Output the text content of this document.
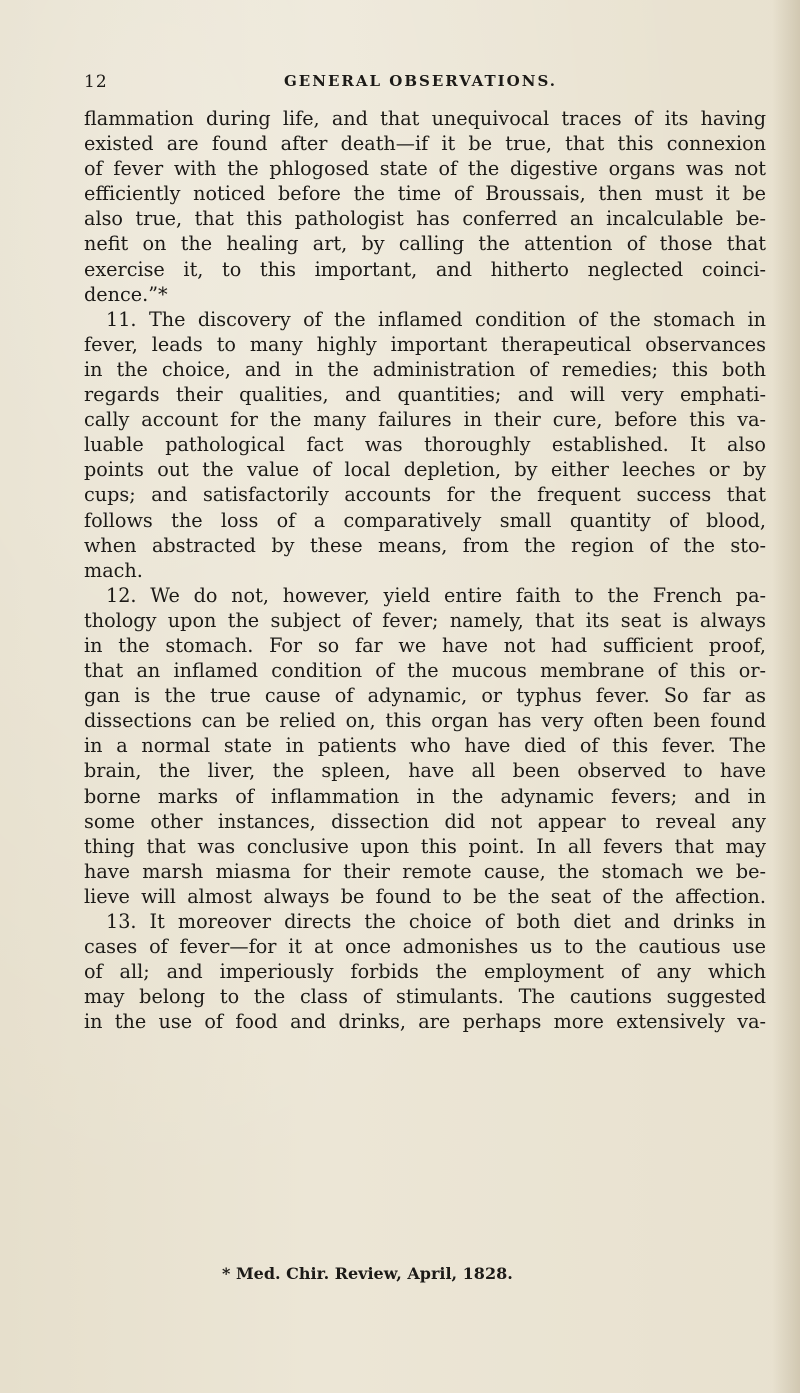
12	GENERAL OBSERVATIONS.
flammation during life, and that unequivocal traces of its having
existed are found after death—if it be true, that this connexion
of fever with the phlogosed state of the digestive organs was not
efficiently noticed before the time of Broussais, then must it be
also true, that this pathologist has conferred an incalculable be-
nefit on the healing art, by calling the attention of those that
exercise it, to this important, and hitherto neglected coinci-
dence.”*
11. The discovery of the inflamed condition of the stomach in
fever, leads to many highly important therapeutical observances
in the choice, and in the administration of remedies; this both
regards their qualities, and quantities; and will very emphati-
cally account for the many failures in their cure, before this va-
luable pathological fact was thoroughly established. It also
points out the value of local depletion, by either leeches or by
cups; and satisfactorily accounts for the frequent success that
follows the loss of a comparatively small quantity of blood,
when abstracted by these means, from the region of the sto-
mach.
12. We do not, however, yield entire faith to the French pa-
thology upon the subject of fever; namely, that its seat is always
in the stomach. For so far we have not had sufficient proof,
that an inflamed condition of the mucous membrane of this or-
gan is the true cause of adynamic, or typhus fever. So far as
dissections can be relied on, this organ has very often been found
in a normal state in patients who have died of this fever. The
brain, the liver, the spleen, have all been observed to have
borne marks of inflammation in the adynamic fevers; and in
some other instances, dissection did not appear to reveal any
thing that was conclusive upon this point. In all fevers that may
have marsh miasma for their remote cause, the stomach we be-
lieve will almost always be found to be the seat of the affection.
13. It moreover directs the choice of both diet and drinks in
cases of fever—for it at once admonishes us to the cautious use
of all; and imperiously forbids the employment of any which
may belong to the class of stimulants. The cautions suggested
in the use of food and drinks, are perhaps more extensively va-
* Med. Chir. Review, April, 1828.
